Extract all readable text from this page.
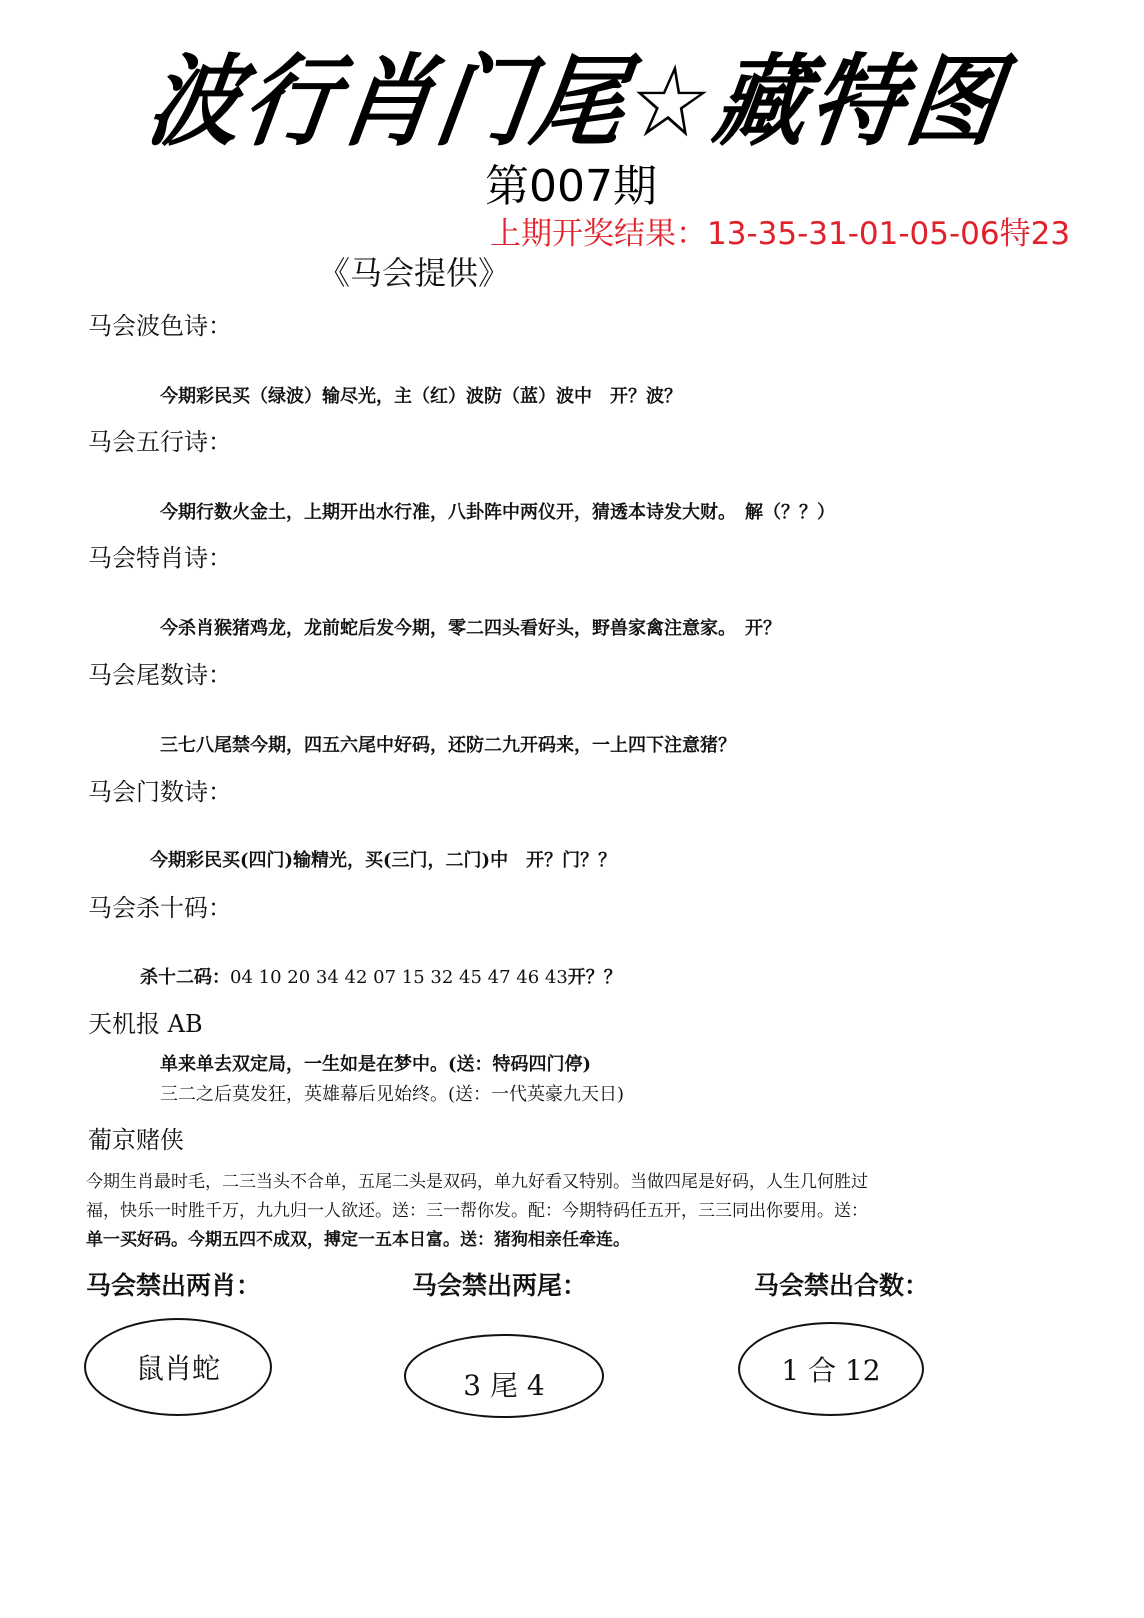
波行肖门尾☆藏特图
第007期
上期开奖结果：13-35-31-01-05-06特23
《马会提供》
马会波色诗：
今期彩民买（绿波）输尽光，主（红）波防（蓝）波中　开？波？
马会五行诗：
今期行数火金土，上期开出水行准，八卦阵中两仪开，猜透本诗发大财。　解（？？）
马会特肖诗：
今杀肖猴猪鸡龙，龙前蛇后发今期，零二四头看好头，野兽家禽注意家。　开？
马会尾数诗：
三七八尾禁今期，四五六尾中好码，还防二九开码来，一上四下注意猪？
马会门数诗：
今期彩民买(四门)输精光，买(三门，二门)中　开？门？？
马会杀十码：
杀十二码：04 10 20 34 42 07 15 32 45 47 46 43开？？
天机报 AB
单来单去双定局，一生如是在梦中。(送：特码四门停)
三二之后莫发狂，英雄幕后见始终。(送：一代英豪九天日)
葡京赌侠
今期生肖最时毛，二三当头不合单，五尾二头是双码，单九好看又特别。当做四尾是好码，人生几何胜过
福，快乐一时胜千万，九九归一人欲还。送：三一帮你发。配：今期特码任五开，三三同出你要用。送：
单一买好码。今期五四不成双，搏定一五本日富。送：猪狗相亲任牵连。
马会禁出两肖：	马会禁出两尾：	马会禁出合数：
鼠肖蛇
3 尾 4	1 合 12
